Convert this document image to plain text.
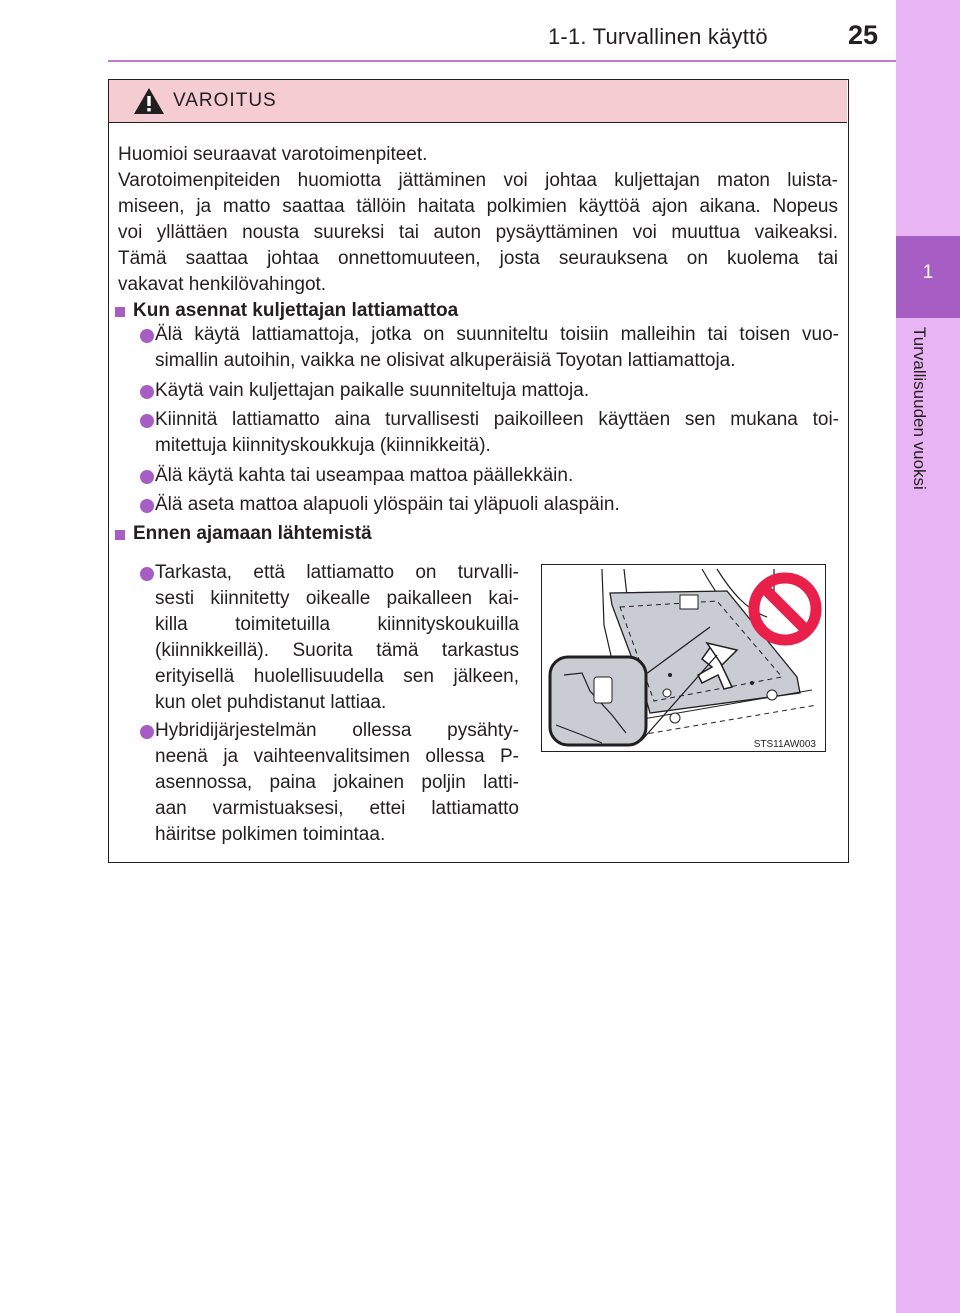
1-1. Turvallinen käyttö	25
1
Turvallisuuden vuoksi
VAROITUS
Huomioi seuraavat varotoimenpiteet.
Varotoimenpiteiden huomiotta jättäminen voi johtaa kuljettajan maton luista-
miseen, ja matto saattaa tällöin haitata polkimien käyttöä ajon aikana. Nopeus
voi yllättäen nousta suureksi tai auton pysäyttäminen voi muuttua vaikeaksi.
Tämä saattaa johtaa onnettomuuteen, josta seurauksena on kuolema tai
vakavat henkilövahingot.
Kun asennat kuljettajan lattiamattoa
Älä käytä lattiamattoja, jotka on suunniteltu toisiin malleihin tai toisen vuo-
simallin autoihin, vaikka ne olisivat alkuperäisiä Toyotan lattiamattoja.
Käytä vain kuljettajan paikalle suunniteltuja mattoja.
Kiinnitä lattiamatto aina turvallisesti paikoilleen käyttäen sen mukana toi-
mitettuja kiinnityskoukkuja (kiinnikkeitä).
Älä käytä kahta tai useampaa mattoa päällekkäin.
Älä aseta mattoa alapuoli ylöspäin tai yläpuoli alaspäin.
Ennen ajamaan lähtemistä
Tarkasta, että lattiamatto on turvalli-
sesti kiinnitetty oikealle paikalleen kai-
killa toimitetuilla kiinnityskoukuilla
(kiinnikkeillä). Suorita tämä tarkastus
erityisellä huolellisuudella sen jälkeen,
kun olet puhdistanut lattiaa.
Hybridijärjestelmän ollessa pysähty-
neenä ja vaihteenvalitsimen ollessa P-
asennossa, paina jokainen poljin latti-
aan varmistuaksesi, ettei lattiamatto
häiritse polkimen toimintaa.
STS11AW003
